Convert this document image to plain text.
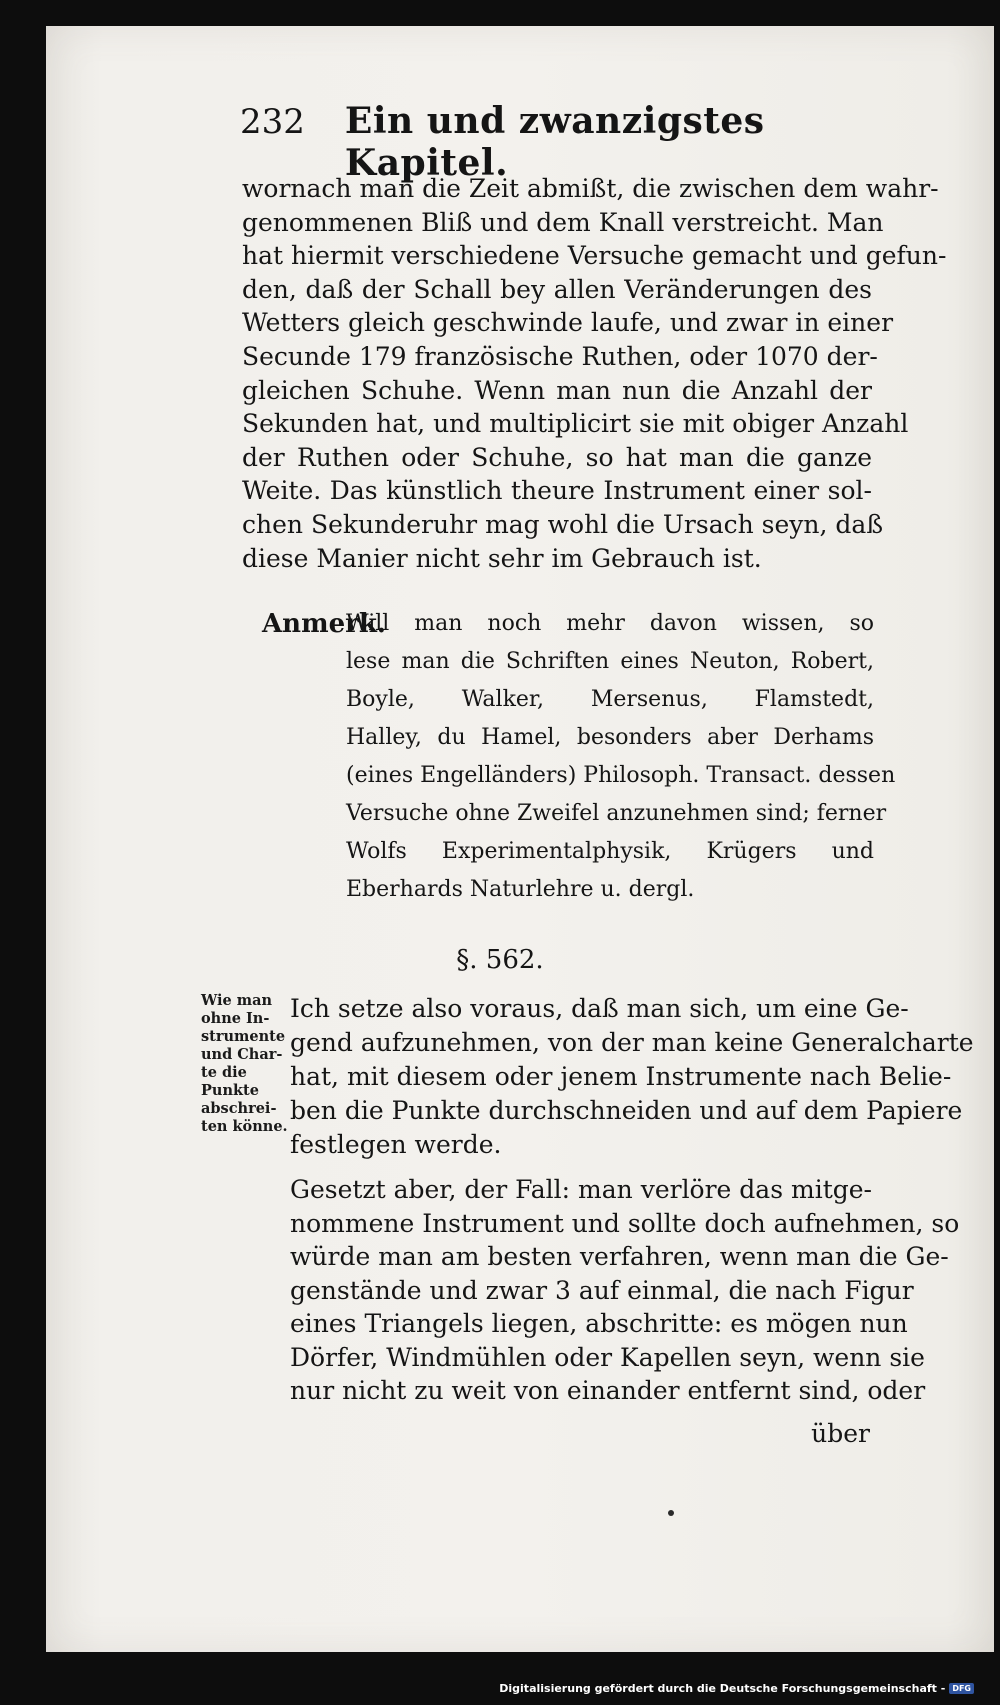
232 Ein und zwanzigstes Kapitel.
wornach man die Zeit abmißt, die zwischen dem wahr-
genommenen Bliß und dem Knall verstreicht. Man
hat hiermit verschiedene Versuche gemacht und gefun-
den, daß der Schall bey allen Veränderungen des
Wetters gleich geschwinde laufe, und zwar in einer
Secunde 179 französische Ruthen, oder 1070 der-
gleichen Schuhe. Wenn man nun die Anzahl der
Sekunden hat, und multiplicirt sie mit obiger Anzahl
der Ruthen oder Schuhe, so hat man die ganze
Weite. Das künstlich theure Instrument einer sol-
chen Sekunderuhr mag wohl die Ursach seyn, daß
diese Manier nicht sehr im Gebrauch ist.
Anmerk.
Will man noch mehr davon wissen, so
lese man die Schriften eines Neuton, Robert,
Boyle, Walker, Mersenus, Flamstedt,
Halley, du Hamel, besonders aber Derhams
(eines Engelländers) Philosoph. Transact. dessen
Versuche ohne Zweifel anzunehmen sind; ferner
Wolfs Experimentalphysik, Krügers und
Eberhards Naturlehre u. dergl.
§. 562.
Wie man
ohne In-
strumente
und Char-
te die
Punkte
abschrei-
ten könne.
Ich setze also voraus, daß man sich, um eine Ge-
gend aufzunehmen, von der man keine Generalcharte
hat, mit diesem oder jenem Instrumente nach Belie-
ben die Punkte durchschneiden und auf dem Papiere
festlegen werde.
Gesetzt aber, der Fall: man verlöre das mitge-
nommene Instrument und sollte doch aufnehmen, so
würde man am besten verfahren, wenn man die Ge-
genstände und zwar 3 auf einmal, die nach Figur
eines Triangels liegen, abschritte: es mögen nun
Dörfer, Windmühlen oder Kapellen seyn, wenn sie
nur nicht zu weit von einander entfernt sind, oder
über
Digitalisierung gefördert durch die Deutsche Forschungsgemeinschaft - DFG
